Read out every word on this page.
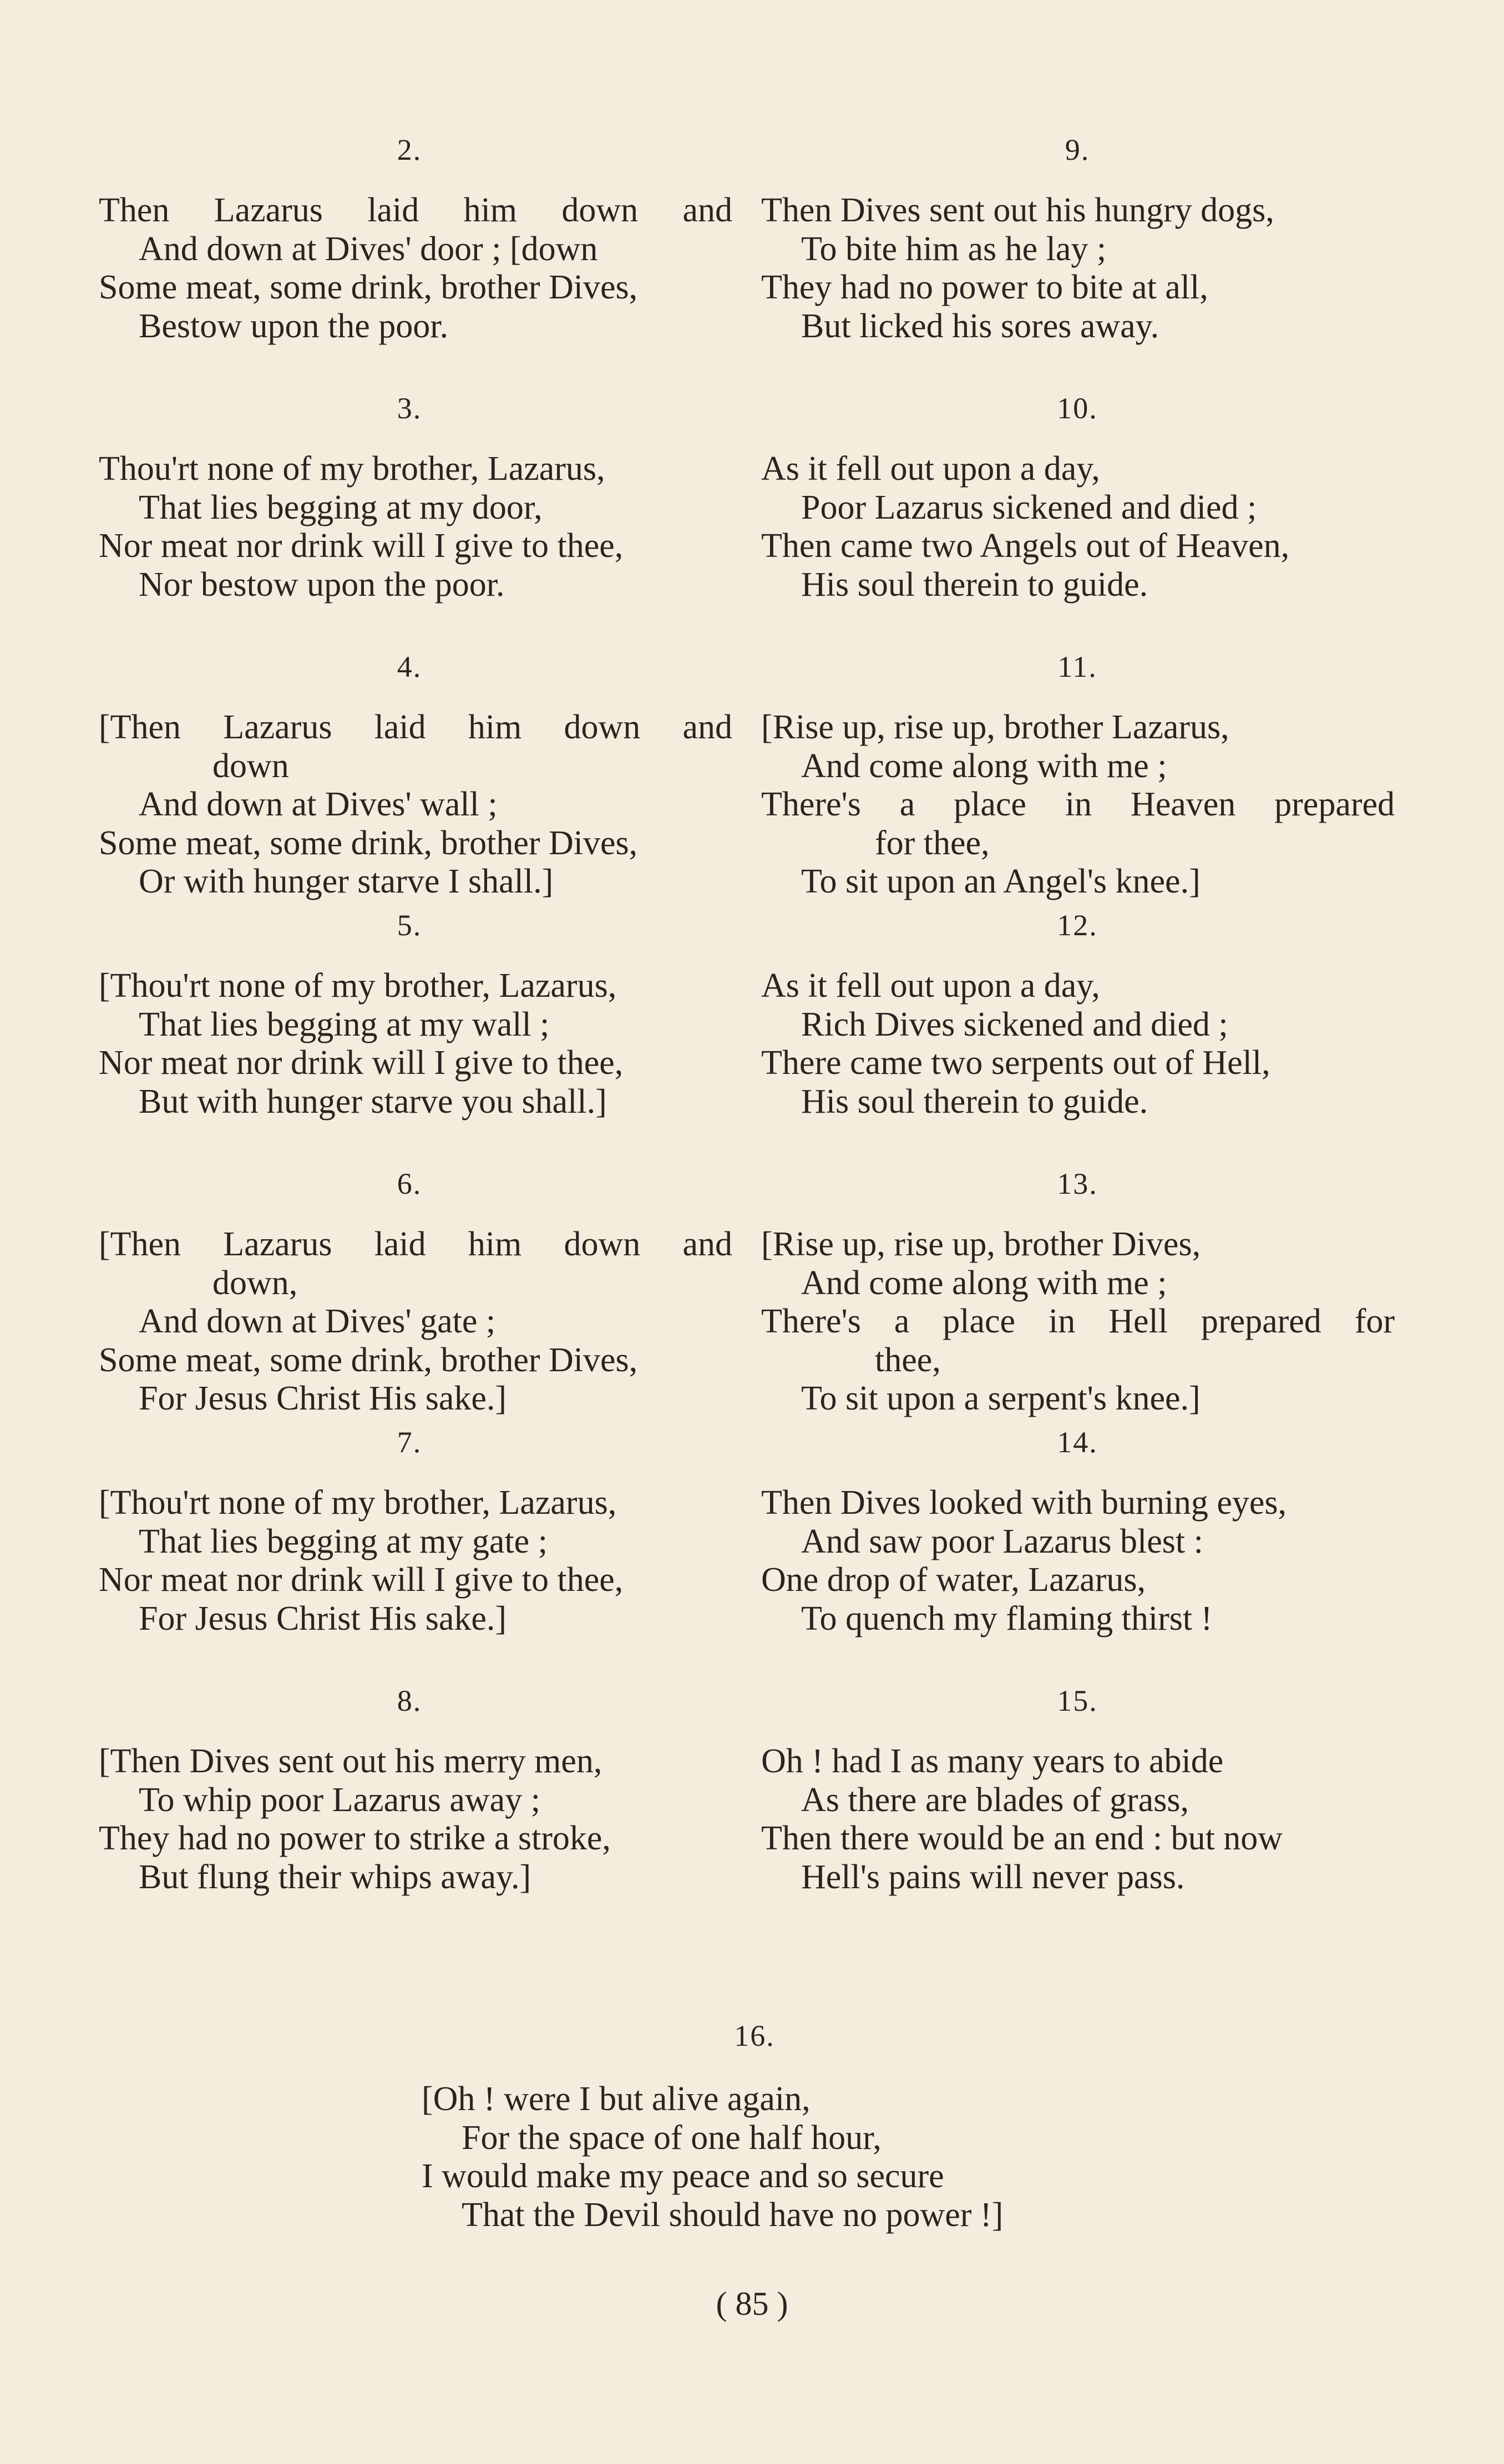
2.
Then Lazarus laid him down and
And down at Dives' door ; [down
Some meat, some drink, brother Dives,
Bestow upon the poor.
3.
Thou'rt none of my brother, Lazarus,
That lies begging at my door,
Nor meat nor drink will I give to thee,
Nor bestow upon the poor.
4.
[Then Lazarus laid him down and
down
And down at Dives' wall ;
Some meat, some drink, brother Dives,
Or with hunger starve I shall.]
5.
[Thou'rt none of my brother, Lazarus,
That lies begging at my wall ;
Nor meat nor drink will I give to thee,
But with hunger starve you shall.]
6.
[Then Lazarus laid him down and
down,
And down at Dives' gate ;
Some meat, some drink, brother Dives,
For Jesus Christ His sake.]
7.
[Thou'rt none of my brother, Lazarus,
That lies begging at my gate ;
Nor meat nor drink will I give to thee,
For Jesus Christ His sake.]
8.
[Then Dives sent out his merry men,
To whip poor Lazarus away ;
They had no power to strike a stroke,
But flung their whips away.]
9.
Then Dives sent out his hungry dogs,
To bite him as he lay ;
They had no power to bite at all,
But licked his sores away.
10.
As it fell out upon a day,
Poor Lazarus sickened and died ;
Then came two Angels out of Heaven,
His soul therein to guide.
11.
[Rise up, rise up, brother Lazarus,
And come along with me ;
There's a place in Heaven prepared
for thee,
To sit upon an Angel's knee.]
12.
As it fell out upon a day,
Rich Dives sickened and died ;
There came two serpents out of Hell,
His soul therein to guide.
13.
[Rise up, rise up, brother Dives,
And come along with me ;
There's a place in Hell prepared for
thee,
To sit upon a serpent's knee.]
14.
Then Dives looked with burning eyes,
And saw poor Lazarus blest :
One drop of water, Lazarus,
To quench my flaming thirst !
15.
Oh ! had I as many years to abide
As there are blades of grass,
Then there would be an end : but now
Hell's pains will never pass.
16.
[Oh ! were I but alive again,
For the space of one half hour,
I would make my peace and so secure
That the Devil should have no power !]
( 85 )
